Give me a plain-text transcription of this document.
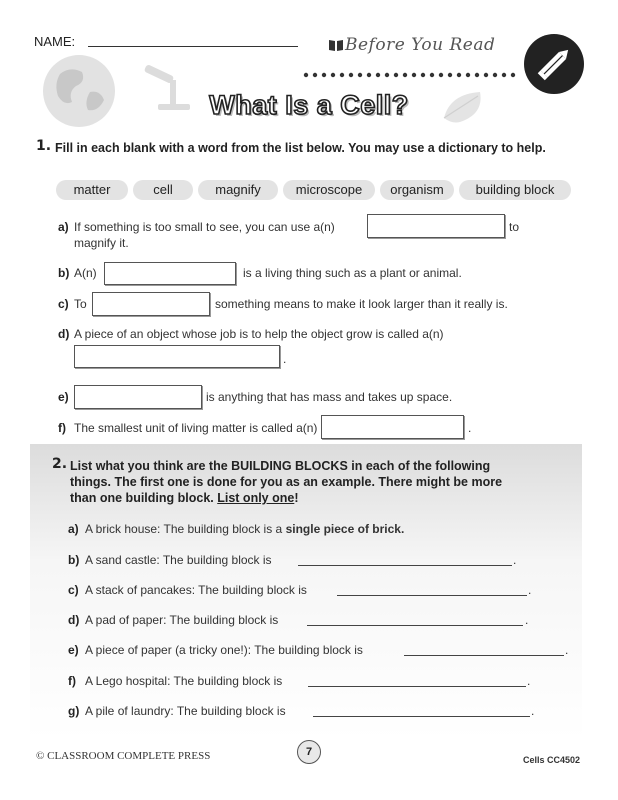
NAME:	Before You Read
What Is a Cell?
1. Fill in each blank with a word from the list below. You may use a dictionary to help.
matter	cell	magnify	microscope	organism	building block
a) If something is too small to see, you can use a(n)	to
magnify it.
b) A(n)	is a living thing such as a plant or animal.
c) To	something means to make it look larger than it really is.
d) A piece of an object whose job is to help the object grow is called a(n)
.
e)	is anything that has mass and takes up space.
f) The smallest unit of living matter is called a(n)	.
2. List what you think are the BUILDING BLOCKS in each of the following
things. The first one is done for you as an example. There might be more
than one building block. List only one!
a) A brick house: The building block is a single piece of brick.
b) A sand castle: The building block is	.
c) A stack of pancakes: The building block is	.
d) A pad of paper: The building block is	.
e) A piece of paper (a tricky one!): The building block is	.
f) A Lego hospital: The building block is	.
g) A pile of laundry: The building block is	.
© CLASSROOM COMPLETE PRESS	7
Cells CC4502
